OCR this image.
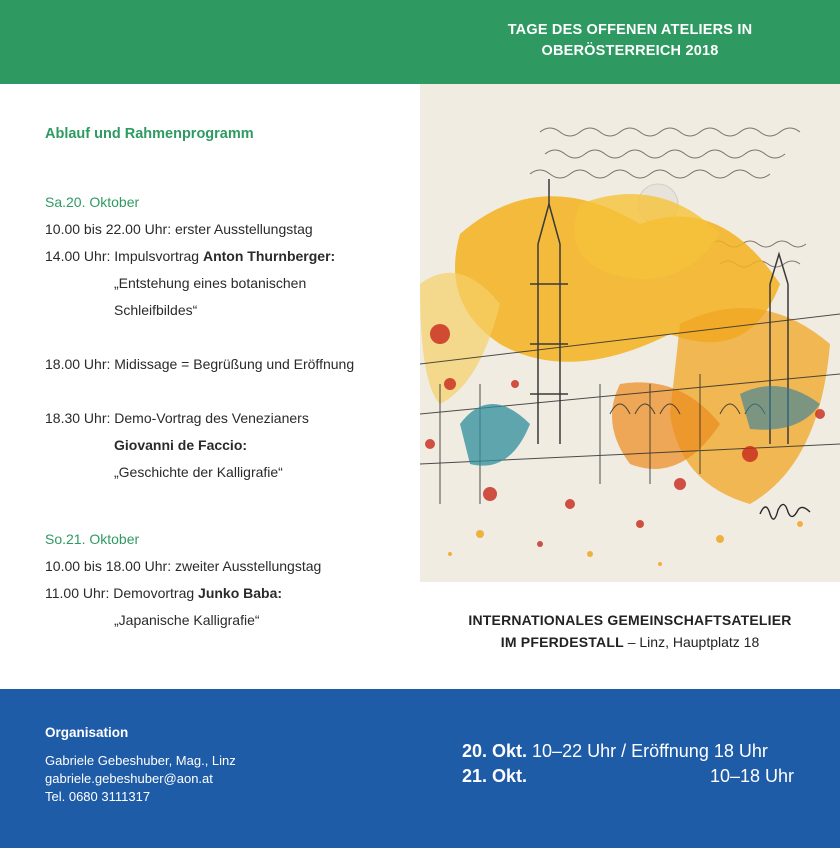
TAGE DES OFFENEN ATELIERS IN
OBERÖSTERREICH 2018
Ablauf und Rahmenprogramm
Sa.20. Oktober
10.00 bis 22.00 Uhr: erster Ausstellungstag
14.00 Uhr: Impulsvortrag Anton Thurnberger:
„Entstehung eines botanischen
Schleifbildes“
18.00 Uhr: Midissage = Begrüßung und Eröffnung
18.30 Uhr: Demo-Vortrag des Venezianers
Giovanni de Faccio:
„Geschichte der Kalligrafie“
So.21. Oktober
10.00 bis 18.00 Uhr: zweiter Ausstellungstag
11.00 Uhr: Demovortrag Junko Baba:
„Japanische Kalligrafie“	INTERNATIONALES GEMEINSCHAFTSATELIER
IM PFERDESTALL – Linz, Hauptplatz 18
Organisation
Gabriele Gebeshuber, Mag., Linz
gabriele.gebeshuber@aon.at
Tel. 0680 3111317
20. Okt. 10–22 Uhr / Eröffnung 18 Uhr
21. Okt.	10–18 Uhr
